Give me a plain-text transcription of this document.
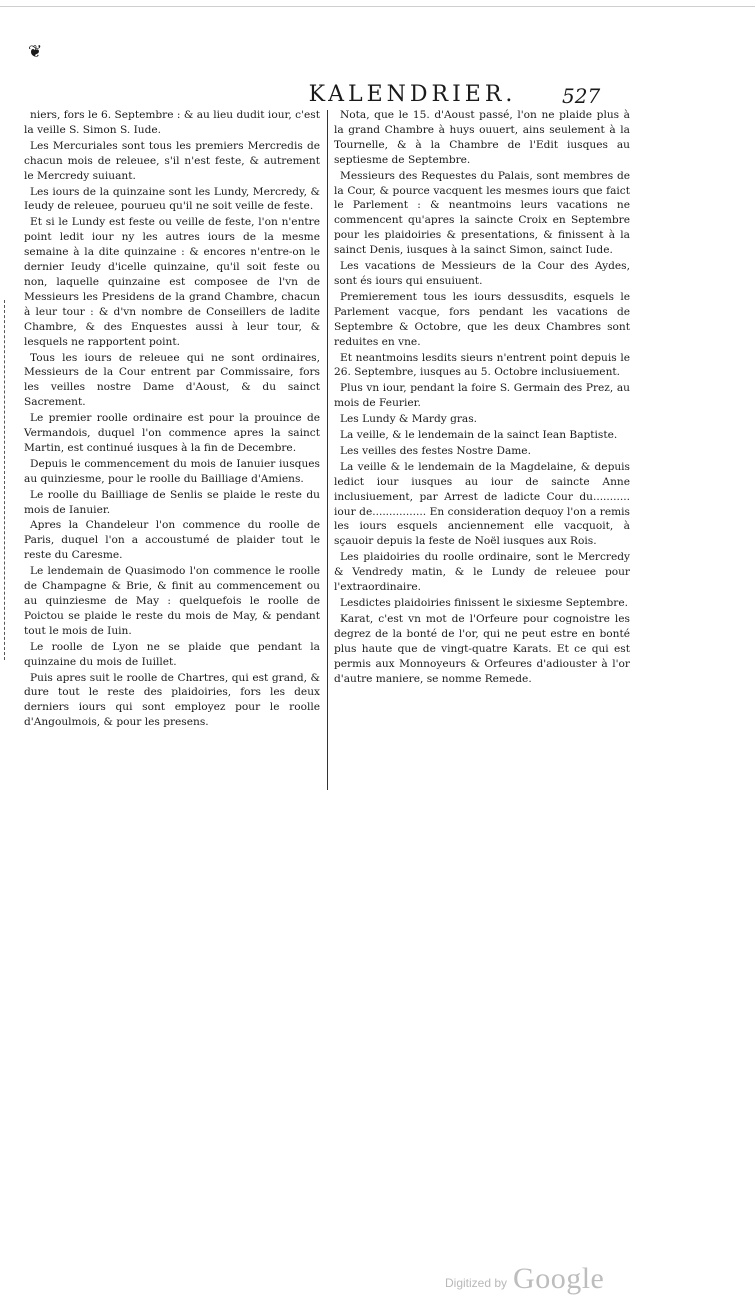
❦
KALENDRIER.	527

niers, fors le 6. Septembre : & au lieu dudit iour, c'est la veille S. Simon S. Iude.

Les Mercuriales sont tous les premiers Mercredis de chacun mois de releuee, s'il n'est feste, & autrement le Mercredy suiuant.

Les iours de la quinzaine sont les Lundy, Mercredy, & Ieudy de releuee, pourueu qu'il ne soit veille de feste.

Et si le Lundy est feste ou veille de feste, l'on n'entre point ledit iour ny les autres iours de la mesme semaine à la dite quinzaine : & encores n'entre-on le dernier Ieudy d'icelle quinzaine, qu'il soit feste ou non, laquelle quinzaine est composee de l'vn de Messieurs les Presidens de la grand Chambre, chacun à leur tour : & d'vn nombre de Conseillers de ladite Chambre, & des Enquestes aussi à leur tour, & lesquels ne rapportent point.

Tous les iours de releuee qui ne sont ordinaires, Messieurs de la Cour entrent par Commissaire, fors les veilles nostre Dame d'Aoust, & du sainct Sacrement.

Le premier roolle ordinaire est pour la prouince de Vermandois, duquel l'on commence apres la sainct Martin, est continué iusques à la fin de Decembre.

Depuis le commencement du mois de Ianuier iusques au quinziesme, pour le roolle du Bailliage d'Amiens.

Le roolle du Bailliage de Senlis se plaide le reste du mois de Ianuier.

Apres la Chandeleur l'on commence du roolle de Paris, duquel l'on a accoustumé de plaider tout le reste du Caresme.

Le lendemain de Quasimodo l'on commence le roolle de Champagne & Brie, & finit au commencement ou au quinziesme de May : quelquefois le roolle de Poictou se plaide le reste du mois de May, & pendant tout le mois de Iuin.

Le roolle de Lyon ne se plaide que pendant la quinzaine du mois de Iuillet.

Puis apres suit le roolle de Chartres, qui est grand, & dure tout le reste des plaidoiries, fors les deux derniers iours qui sont employez pour le roolle d'Angoulmois, & pour les presens.

Nota, que le 15. d'Aoust passé, l'on ne plaide plus à la grand Chambre à huys ouuert, ains seulement à la Tournelle, & à la Chambre de l'Edit iusques au septiesme de Septembre.

Messieurs des Requestes du Palais, sont membres de la Cour, & pource vacquent les mesmes iours que faict le Parlement : & neantmoins leurs vacations ne commencent qu'apres la saincte Croix en Septembre pour les plaidoiries & presentations, & finissent à la sainct Denis, iusques à la sainct Simon, sainct Iude.

Les vacations de Messieurs de la Cour des Aydes, sont és iours qui ensuiuent.

Premierement tous les iours dessusdits, esquels le Parlement vacque, fors pendant les vacations de Septembre & Octobre, que les deux Chambres sont reduites en vne.

Et neantmoins lesdits sieurs n'entrent point depuis le 26. Septembre, iusques au 5. Octobre inclusiuement.

Plus vn iour, pendant la foire S. Germain des Prez, au mois de Feurier.

Les Lundy & Mardy gras.

La veille, & le lendemain de la sainct Iean Baptiste.

Les veilles des festes Nostre Dame.

La veille & le lendemain de la Magdelaine, & depuis ledict iour iusques au iour de saincte Anne inclusiuement, par Arrest de ladicte Cour du........... iour de................ En consideration dequoy l'on a remis les iours esquels anciennement elle vacquoit, à sçauoir depuis la feste de Noël iusques aux Rois.

Les plaidoiries du roolle ordinaire, sont le Mercredy & Vendredy matin, & le Lundy de releuee pour l'extraordinaire.

Lesdictes plaidoiries finissent le sixiesme Septembre.

Karat, c'est vn mot de l'Orfeure pour cognoistre les degrez de la bonté de l'or, qui ne peut estre en bonté plus haute que de vingt-quatre Karats. Et ce qui est permis aux Monnoyeurs & Orfeures d'adiouster à l'or d'autre maniere, se nomme Remede.

Digitized by Google
